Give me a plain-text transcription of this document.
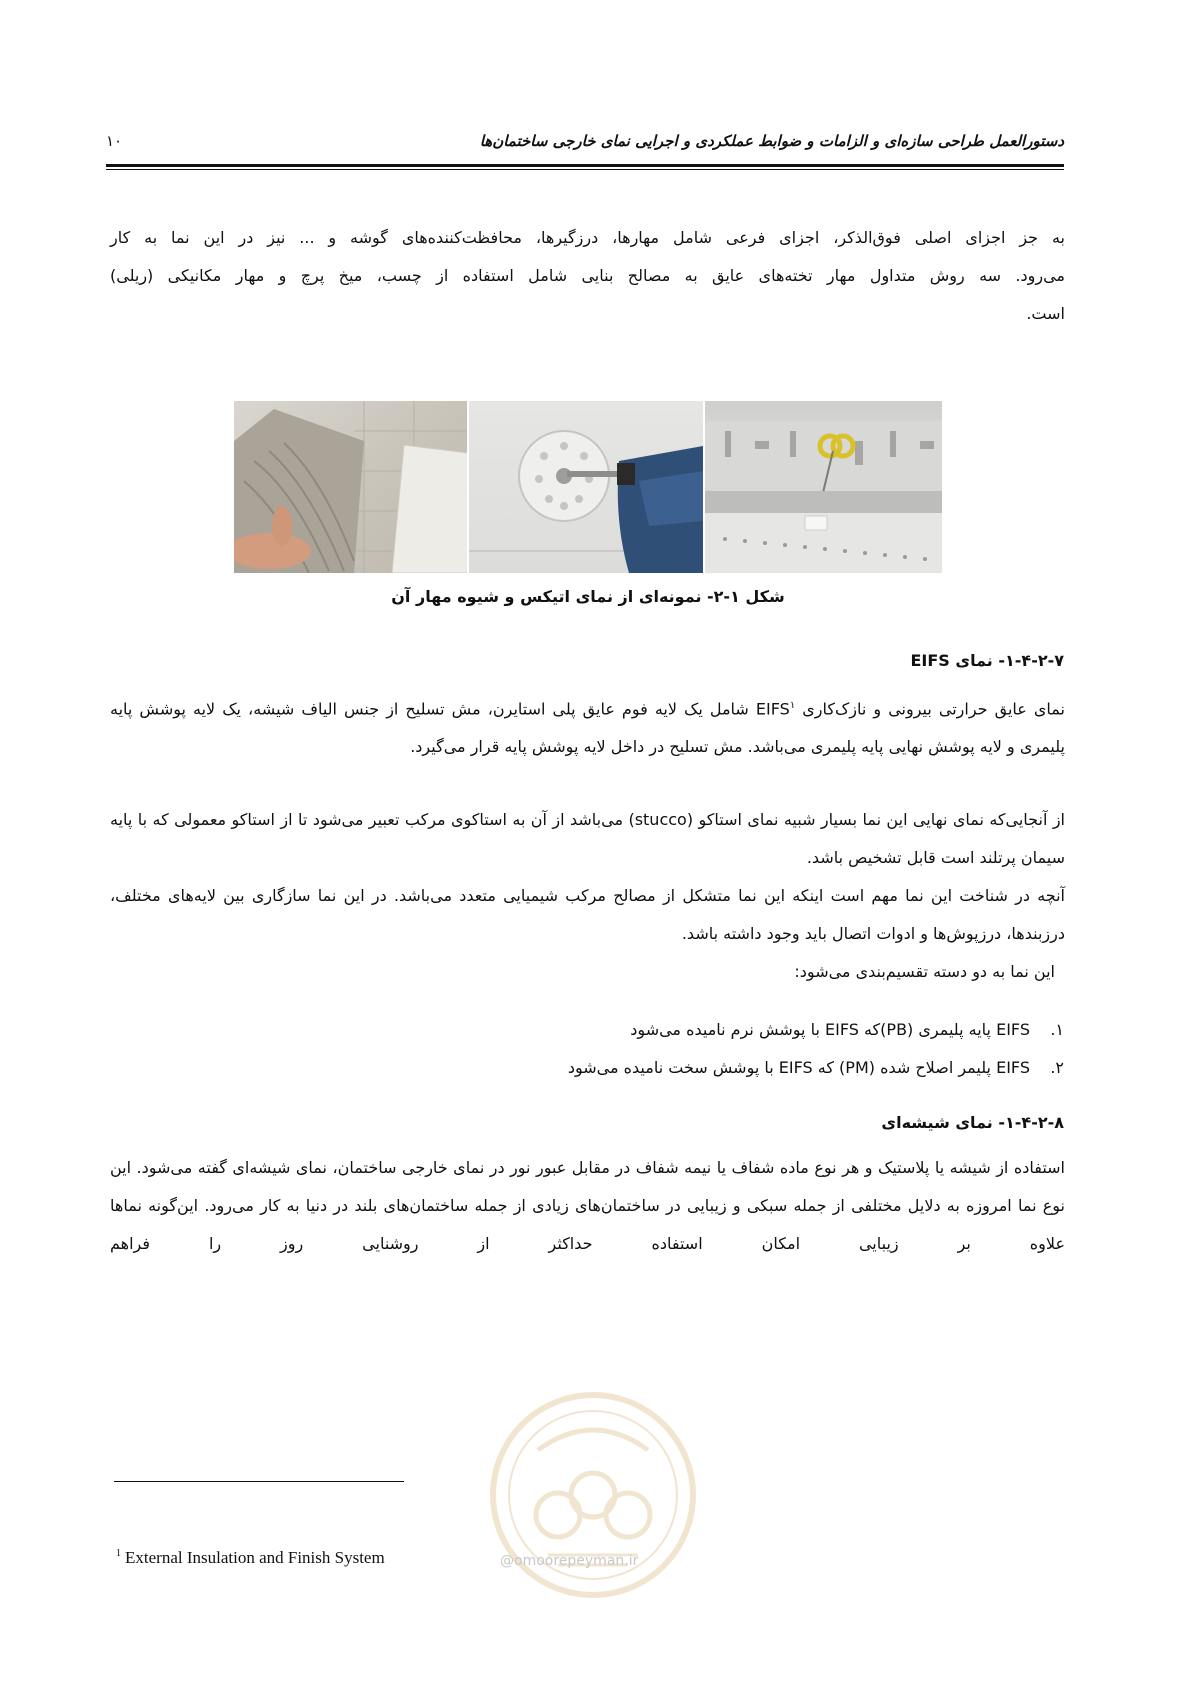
دستورالعمل طراحی سازه‌ای و الزامات و ضوابط عملکردی و اجرایی نمای خارجی ساختمان‌ها
۱۰

به جز اجزای اصلی فوق‌الذکر، اجزای فرعی شامل مهارها، درزگیرها، محافظت‌کننده‌های گوشه و ... نیز در این نما به کار

می‌رود. سه روش متداول مهار تخته‌های عایق به مصالح بنایی شامل استفاده از چسب، میخ پرچ و مهار مکانیکی (ریلی)

است.

شکل ۱-۲- نمونه‌ای از نمای اتیکس و شیوه مهار آن
۱-۴-۲-۷- نمای EIFS

نمای عایق حرارتی بیرونی و نازک‌کاری EIFS$^۱$ شامل یک لایه فوم عایق پلی استایرن، مش تسلیح از جنس الیاف شیشه، یک لایه پوشش پایه پلیمری و لایه پوشش نهایی پایه پلیمری می‌باشد. مش تسلیح در داخل لایه پوشش پایه قرار می‌گیرد.

از آنجایی‌که نمای نهایی این نما بسیار شبیه نمای استاکو (stucco) می‌باشد از آن به استاکوی مرکب تعبیر می‌شود تا از استاکو معمولی که با پایه سیمان پرتلند است قابل تشخیص باشد.

آنچه در شناخت این نما مهم است اینکه این نما متشکل از مصالح مرکب شیمیایی متعدد می‌باشد. در این نما سازگاری بین لایه‌های مختلف، درزبندها، درزپوش‌ها و ادوات اتصال باید وجود داشته باشد.

این نما به دو دسته تقسیم‌بندی می‌شود:

۱.EIFS پایه پلیمری (PB)که EIFS با پوشش نرم نامیده می‌شود
۲.EIFS پلیمر اصلاح شده (PM) که EIFS با پوشش سخت نامیده می‌شود
۱-۴-۲-۸- نمای شیشه‌ای

استفاده از شیشه یا پلاستیک و هر نوع ماده شفاف یا نیمه شفاف در مقابل عبور نور در نمای خارجی ساختمان، نمای شیشه‌ای گفته می‌شود. این نوع نما امروزه به دلایل مختلفی از جمله سبکی و زیبایی در ساختمان‌های زیادی از جمله ساختمان‌های بلند در دنیا به کار می‌رود. این‌گونه نماها علاوه بر زیبایی امکان استفاده حداکثر از روشنایی روز را فراهم

@omoorepeyman.ir
$^1$ External Insulation and Finish System
